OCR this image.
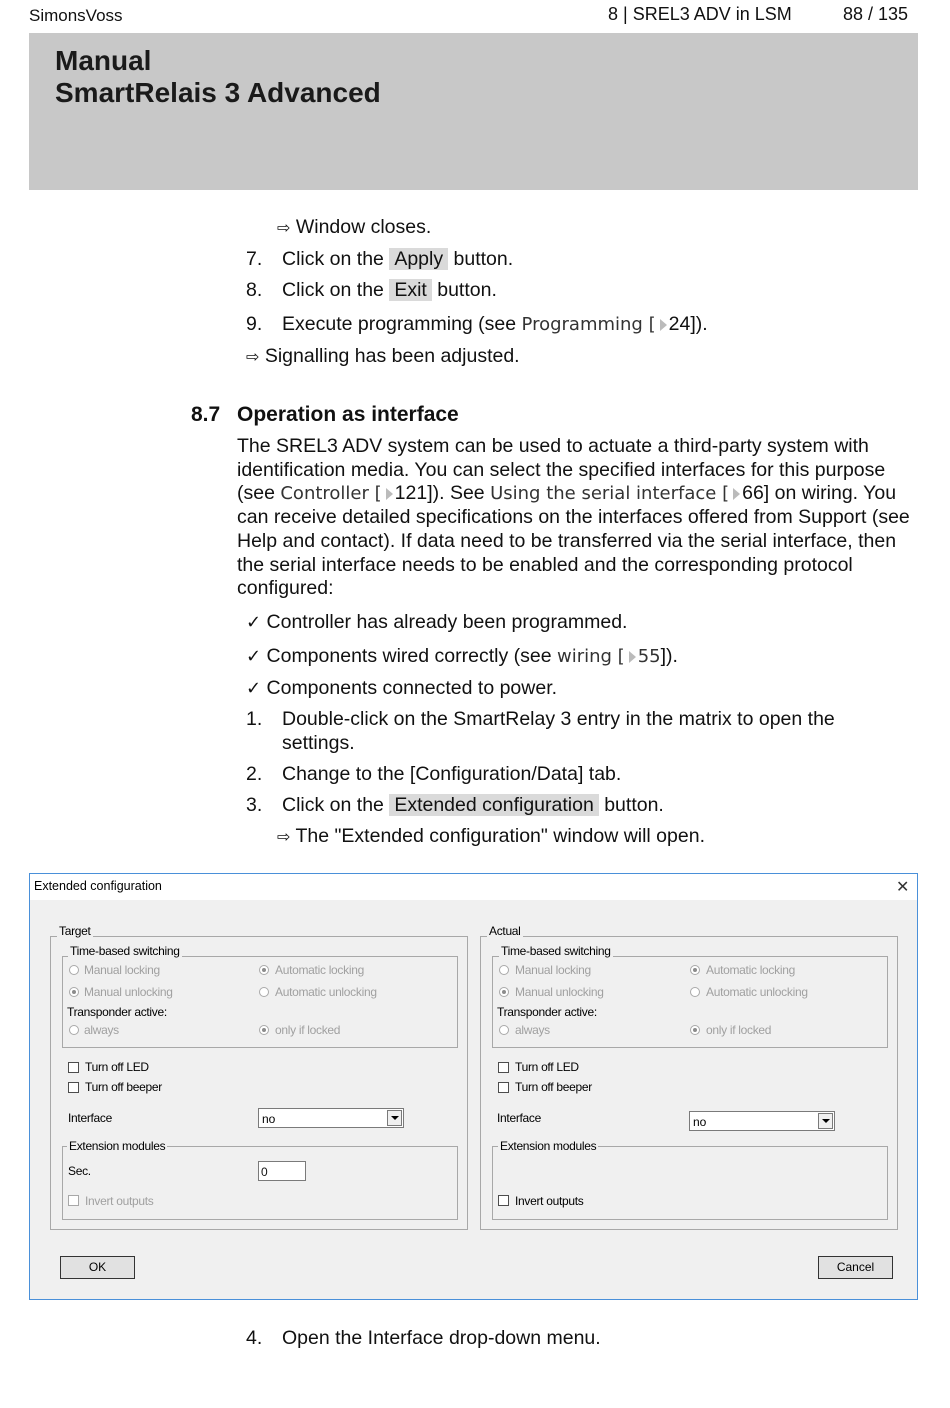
SimonsVoss	8 | SREL3 ADV in LSM	88 / 135
Manual
SmartRelais 3 Advanced
⇨ Window closes.
7. Click on the Apply button.
8. Click on the Exit button.
9. Execute programming (see Programming [ 24]).
⇨ Signalling has been adjusted.
8.7 Operation as interface
The SREL3 ADV system can be used to actuate a third-party system with identification media. You can select the specified interfaces for this purpose (see Controller [ 121]). See Using the serial interface [ 66] on wiring. You can receive detailed specifications on the interfaces offered from Support (see Help and contact). If data need to be transferred via the serial interface, then the serial interface needs to be enabled and the corresponding protocol configured:
✓ Controller has already been programmed.
✓ Components wired correctly (see wiring [ 55]).
✓ Components connected to power.
1. Double-click on the SmartRelay 3 entry in the matrix to open the
settings.
2. Change to the [Configuration/Data] tab.
3. Click on the Extended configuration button.
⇨ The "Extended configuration" window will open.
Extended configuration	✕
Target
Time-based switching
Manual locking	Automatic locking
Manual unlocking	Automatic unlocking
Transponder active:
always	only if locked
Turn off LED
Turn off beeper
Interface	no
Extension modules
Sec.	0
Invert outputs
Actual
Time-based switching
Manual locking	Automatic locking
Manual unlocking	Automatic unlocking
Transponder active:
always	only if locked
Turn off LED
Turn off beeper
Interface	no
Extension modules
Invert outputs
OK	Cancel
4. Open the Interface drop-down menu.
